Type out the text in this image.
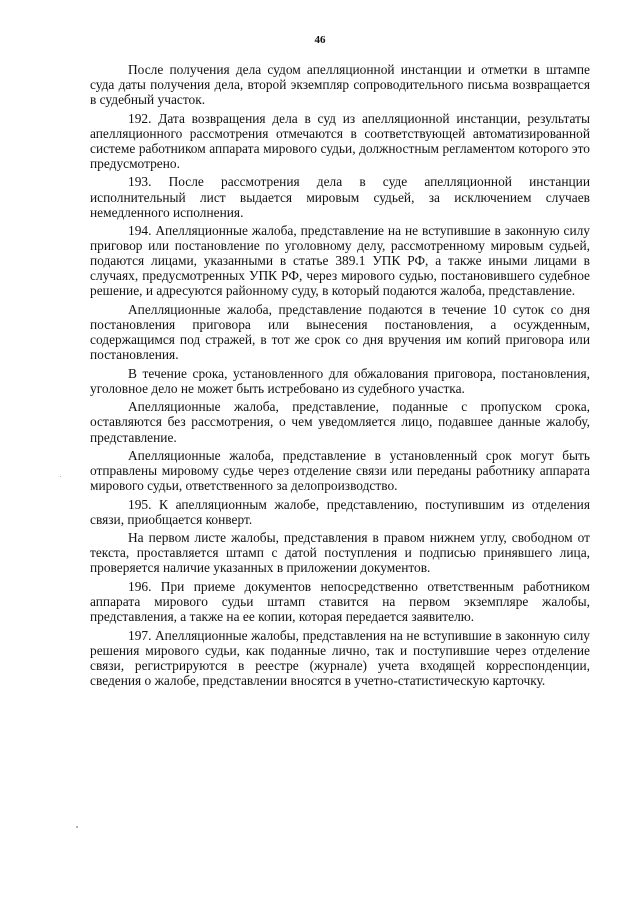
46

После получения дела судом апелляционной инстанции и отметки в штампе суда даты получения дела, второй экземпляр сопроводительного письма возвращается в судебный участок.

192. Дата возвращения дела в суд из апелляционной инстанции, результаты апелляционного рассмотрения отмечаются в соответствующей автоматизированной системе работником аппарата мирового судьи, должностным регламентом которого это предусмотрено.

193. После рассмотрения дела в суде апелляционной инстанции исполнительный лист выдается мировым судьей, за исключением случаев немедленного исполнения.

194. Апелляционные жалоба, представление на не вступившие в законную силу приговор или постановление по уголовному делу, рассмотренному мировым судьей, подаются лицами, указанными в статье 389.1 УПК РФ, а также иными лицами в случаях, предусмотренных УПК РФ, через мирового судью, постановившего судебное решение, и адресуются районному суду, в который подаются жалоба, представление.

Апелляционные жалоба, представление подаются в течение 10 суток со дня постановления приговора или вынесения постановления, а осужденным, содержащимся под стражей, в тот же срок со дня вручения им копий приговора или постановления.

В течение срока, установленного для обжалования приговора, постановления, уголовное дело не может быть истребовано из судебного участка.

Апелляционные жалоба, представление, поданные с пропуском срока, оставляются без рассмотрения, о чем уведомляется лицо, подавшее данные жалобу, представление.

Апелляционные жалоба, представление в установленный срок могут быть отправлены мировому судье через отделение связи или переданы работнику аппарата мирового судьи, ответственного за делопроизводство.

195. К апелляционным жалобе, представлению, поступившим из отделения связи, приобщается конверт.

На первом листе жалобы, представления в правом нижнем углу, свободном от текста, проставляется штамп с датой поступления и подписью принявшего лица, проверяется наличие указанных в приложении документов.

196. При приеме документов непосредственно ответственным работником аппарата мирового судьи штамп ставится на первом экземпляре жалобы, представления, а также на ее копии, которая передается заявителю.

197. Апелляционные жалобы, представления на не вступившие в законную силу решения мирового судьи, как поданные лично, так и поступившие через отделение связи, регистрируются в реестре (журнале) учета входящей корреспонденции, сведения о жалобе, представлении вносятся в учетно-статистическую карточку.
